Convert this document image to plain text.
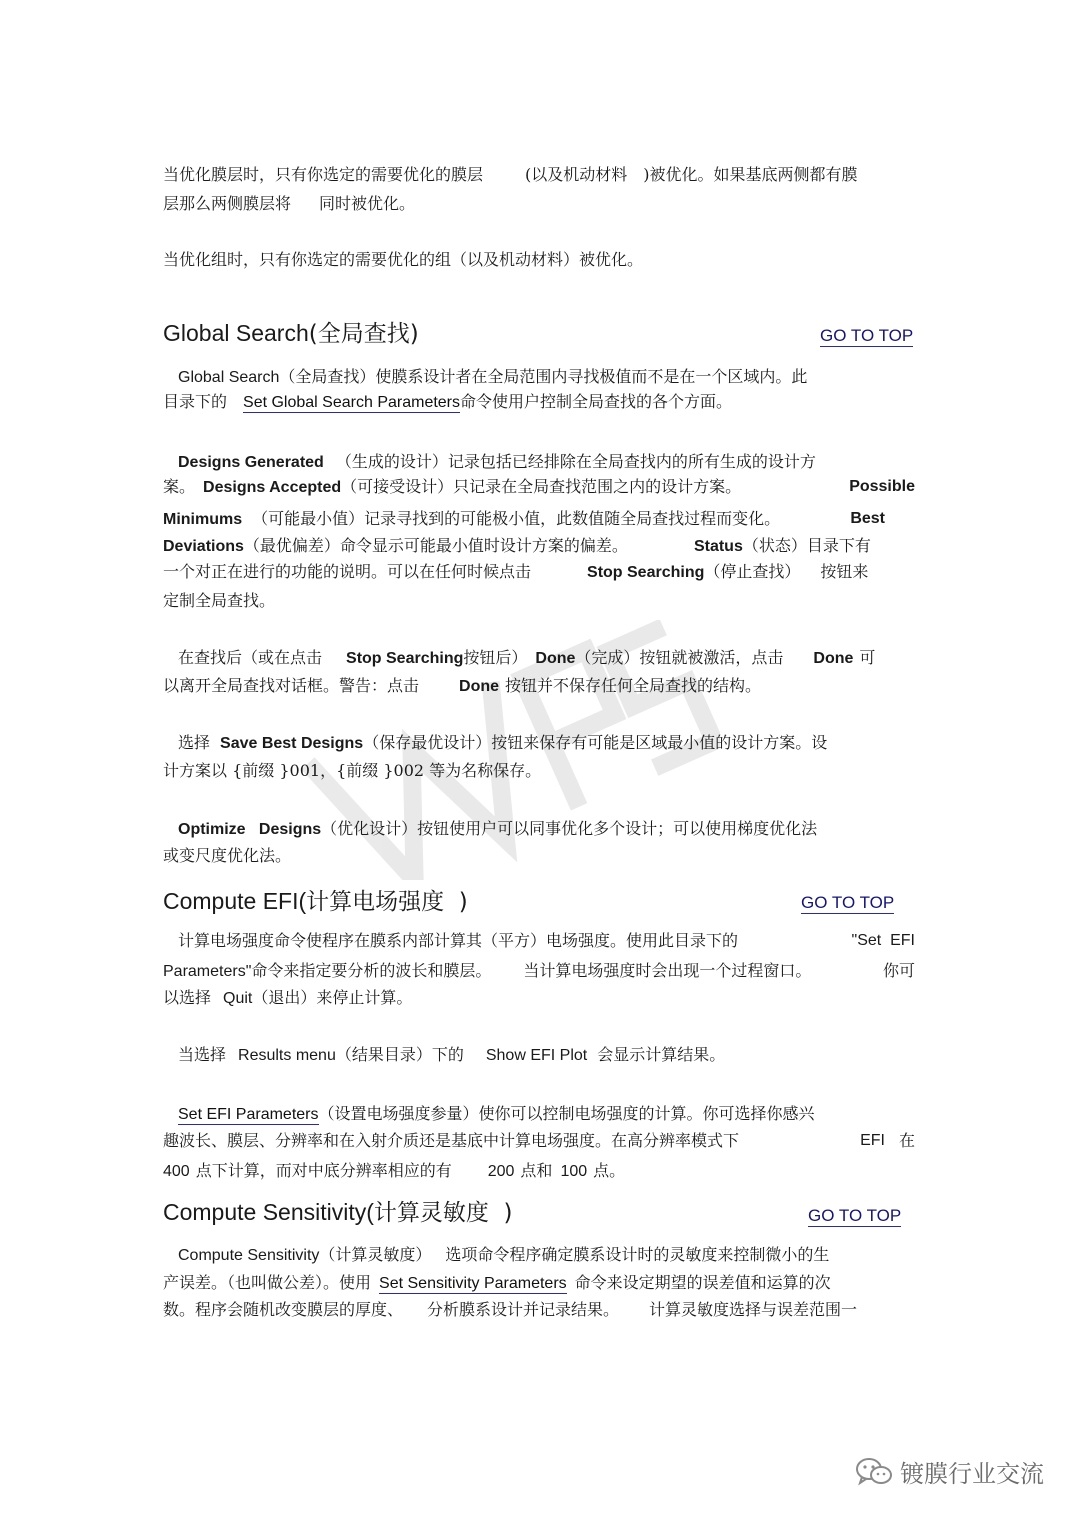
当优化膜层时，只有你选定的需要优化的膜层	(以及机动材料 )被优化。如果基底两侧都有膜
层那么两侧膜层将 同时被优化。
当优化组时，只有你选定的需要优化的组（以及机动材料）被优化。
Global Search(全局查找)	GO TO TOP
Global Search（全局查找）使膜系设计者在全局范围内寻找极值而不是在一个区域内。此
目录下的 Set Global Search Parameters命令使用户控制全局查找的各个方面。
Designs Generated （生成的设计）记录包括已经排除在全局查找内的所有生成的设计方
案。 Designs Accepted（可接受设计）只记录在全局查找范围之内的设计方案。	Possible
Minimums （可能最小值）记录寻找到的可能极小值，此数值随全局查找过程而变化。	Best
Deviations（最优偏差）命令显示可能最小值时设计方案的偏差。	Status（状态）目录下有
一个对正在进行的功能的说明。可以在任何时候点击	Stop Searching（停止查找） 按钮来
定制全局查找。
在查找后（或在点击 Stop Searching按钮后） Done（完成）按钮就被激活，点击 Done 可
以离开全局查找对话框。警告：点击	Done 按钮并不保存任何全局查找的结构。
选择 Save Best Designs（保存最优设计）按钮来保存有可能是区域最小值的设计方案。设
计方案以 {前缀 }001，{前缀 }002 等为名称保存。
Optimize   Designs（优化设计）按钮使用户可以同事优化多个设计；可以使用梯度优化法
或变尺度优化法。
Compute EFI(计算电场强度  )	GO TO TOP
计算电场强度命令使程序在膜系内部计算其（平方）电场强度。使用此目录下的	"Set  EFI
Parameters"命令来指定要分析的波长和膜层。 当计算电场强度时会出现一个过程窗口。	你可
以选择 Quit（退出）来停止计算。
当选择 Results menu（结果目录）下的 Show EFI Plot 会显示计算结果。
Set EFI Parameters（设置电场强度参量）使你可以控制电场强度的计算。你可选择你感兴
趣波长、膜层、分辨率和在入射介质还是基底中计算电场强度。在高分辨率模式下	EFI 在
400 点下计算，而对中底分辨率相应的有 200 点和 100 点。
Compute Sensitivity(计算灵敏度  )	GO TO TOP
Compute Sensitivity（计算灵敏度） 选项命令程序确定膜系设计时的灵敏度来控制微小的生
产误差。（也叫做公差）。使用 Set Sensitivity Parameters 命令来设定期望的误差值和运算的次
数。程序会随机改变膜层的厚度、 分析膜系设计并记录结果。 计算灵敏度选择与误差范围一
镀膜行业交流
